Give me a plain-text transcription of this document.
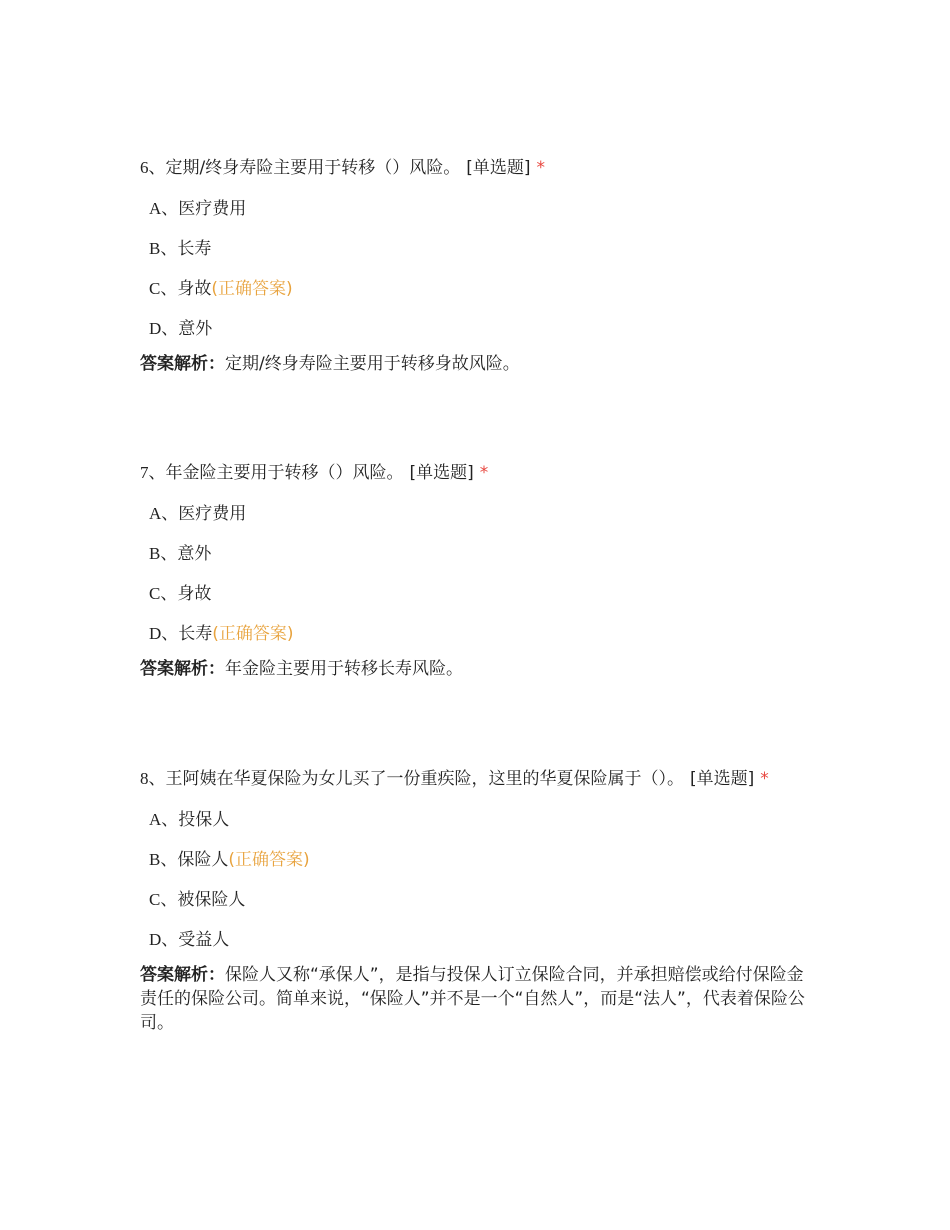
6、定期/终身寿险主要用于转移（）风险。 [单选题] *

A、医疗费用
B、长寿
C、身故(正确答案)
D、意外
答案解析：定期/终身寿险主要用于转移身故风险。

7、年金险主要用于转移（）风险。 [单选题] *

A、医疗费用
B、意外
C、身故
D、长寿(正确答案)
答案解析：年金险主要用于转移长寿风险。

8、王阿姨在华夏保险为女儿买了一份重疾险，这里的华夏保险属于（）。 [单选题] *

A、投保人
B、保险人(正确答案)
C、被保险人
D、受益人
答案解析：保险人又称“承保人”，是指与投保人订立保险合同，并承担赔偿或给付保险金责任的保险公司。简单来说，“保险人”并不是一个“自然人”，而是“法人”，代表着保险公司。
